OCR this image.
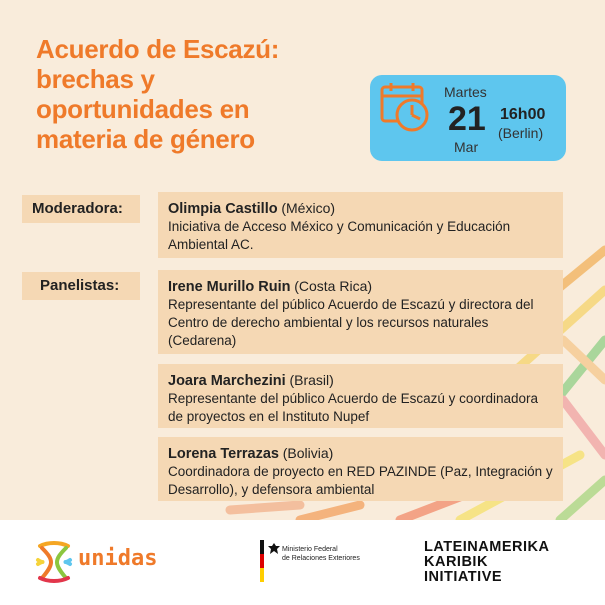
Acuerdo de Escazú:
brechas y
oportunidades en
materia de género
Martes
21
Mar
16h00
(Berlin)
Moderadora:	Olimpia Castillo (México)
Iniciativa de Acceso México y Comunicación y Educación Ambiental AC.
Panelistas:	Irene Murillo Ruin (Costa Rica)
Representante del público Acuerdo de Escazú y directora del Centro de derecho ambiental y los recursos naturales (Cedarena)
Joara Marchezini (Brasil)
Representante del público Acuerdo de Escazú y coordinadora de proyectos en el Instituto Nupef
Lorena Terrazas (Bolivia)
Coordinadora de proyecto en RED PAZINDE (Paz, Integración y Desarrollo), y defensora ambiental
unidas	Ministerio Federal
de Relaciones Exteriores
LATEINAMERIKA
KARIBIK
INITIATIVE
